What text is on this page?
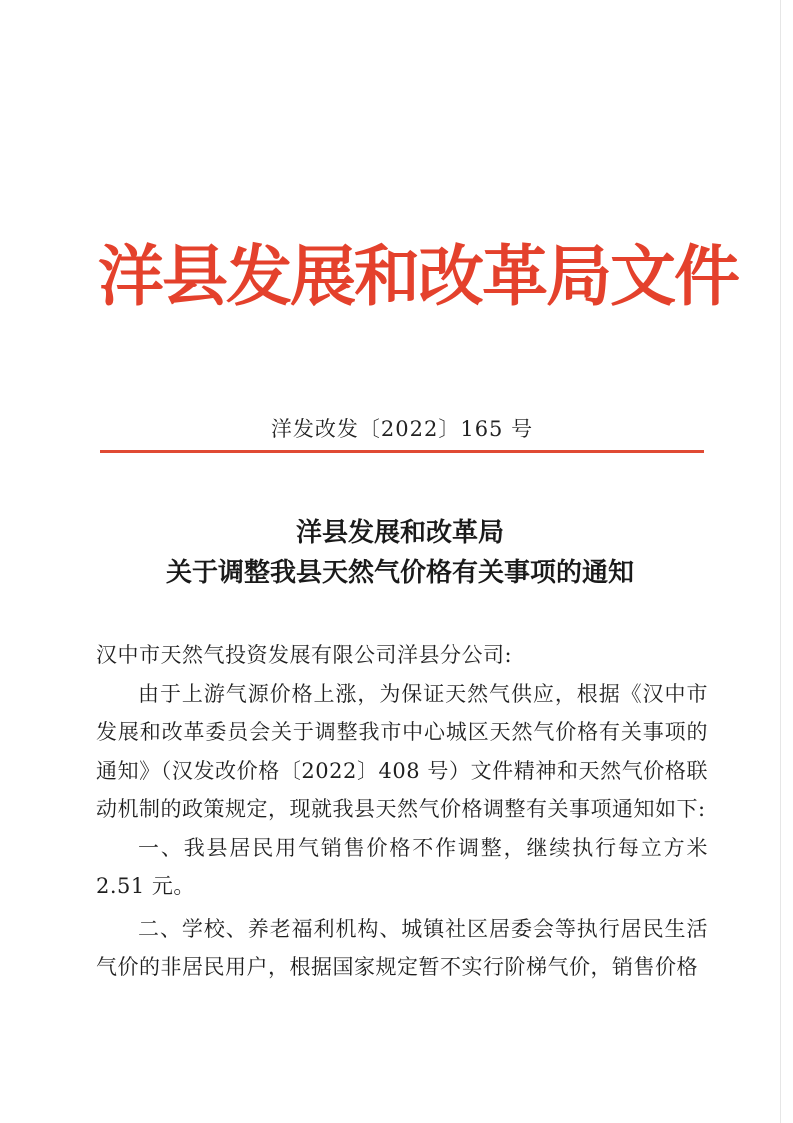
洋县发展和改革局文件
洋发改发〔2022〕165 号
洋县发展和改革局
关于调整我县天然气价格有关事项的通知

汉中市天然气投资发展有限公司洋县分公司:

由于上游气源价格上涨，为保证天然气供应，根据《汉中市发展和改革委员会关于调整我市中心城区天然气价格有关事项的通知》（汉发改价格〔2022〕408 号）文件精神和天然气价格联动机制的政策规定，现就我县天然气价格调整有关事项通知如下:

一、我县居民用气销售价格不作调整，继续执行每立方米 2.51 元。

二、学校、养老福利机构、城镇社区居委会等执行居民生活气价的非居民用户，根据国家规定暂不实行阶梯气价，销售价格
